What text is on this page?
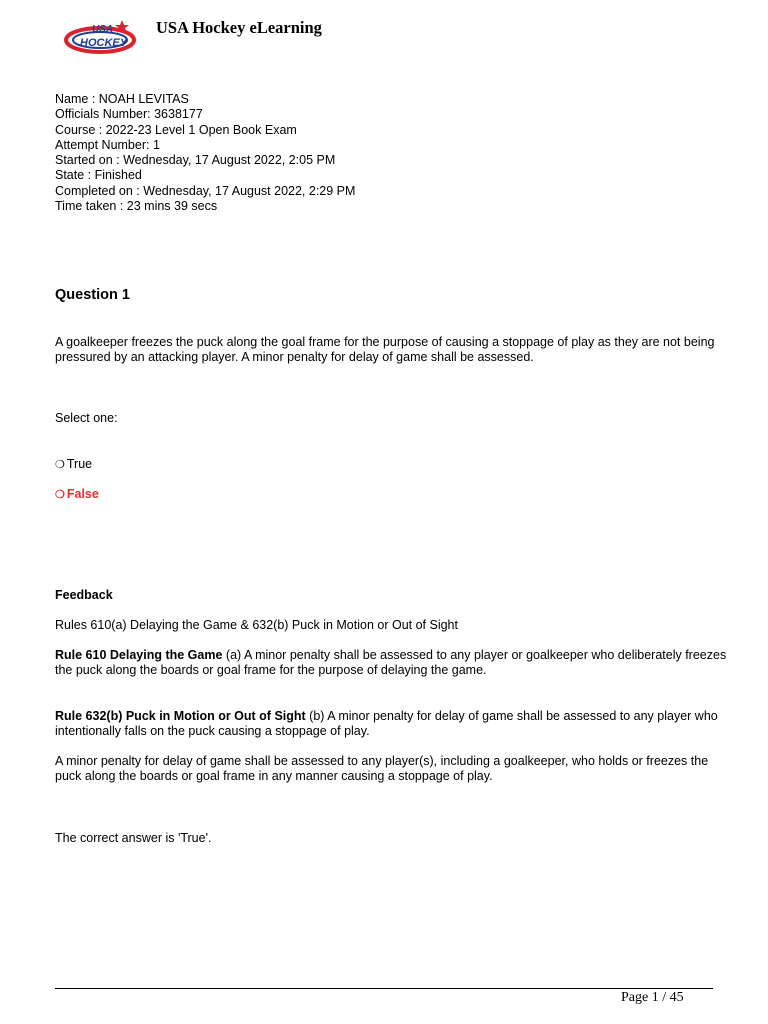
USA
HOCKEY
USA Hockey eLearning
Name : NOAH LEVITAS
Officials Number: 3638177
Course : 2022-23 Level 1 Open Book Exam
Attempt Number: 1
Started on : Wednesday, 17 August 2022, 2:05 PM
State : Finished
Completed on : Wednesday, 17 August 2022, 2:29 PM
Time taken : 23 mins 39 secs
Question 1
A goalkeeper freezes the puck along the goal frame for the purpose of causing a stoppage of play as they are not being pressured by an attacking player. A minor penalty for delay of game shall be assessed.
Select one:
❍ True
❍ False
Feedback
Rules 610(a) Delaying the Game & 632(b) Puck in Motion or Out of Sight
Rule 610 Delaying the Game (a) A minor penalty shall be assessed to any player or goalkeeper who deliberately freezes the puck along the boards or goal frame for the purpose of delaying the game.
Rule 632(b) Puck in Motion or Out of Sight (b) A minor penalty for delay of game shall be assessed to any player who intentionally falls on the puck causing a stoppage of play.
A minor penalty for delay of game shall be assessed to any player(s), including a goalkeeper, who holds or freezes the puck along the boards or goal frame in any manner causing a stoppage of play.
The correct answer is 'True'.
Page 1 / 45
